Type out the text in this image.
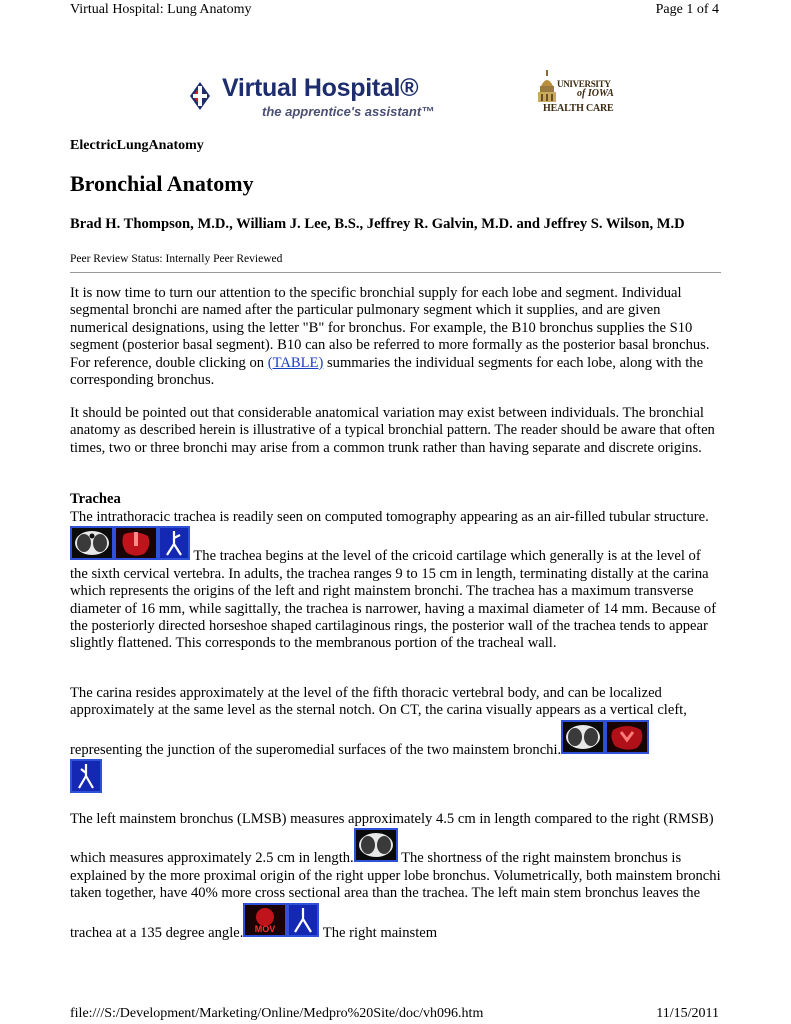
Virtual Hospital: Lung Anatomy	Page 1 of 4
Virtual Hospital®
the apprentice's assistant™
UNIVERSITY
of IOWA
HEALTH CARE
ElectricLungAnatomy
Bronchial Anatomy
Brad H. Thompson, M.D., William J. Lee, B.S., Jeffrey R. Galvin, M.D. and Jeffrey S. Wilson, M.D
Peer Review Status: Internally Peer Reviewed

It is now time to turn our attention to the specific bronchial supply for each lobe and segment. Individual segmental bronchi are named after the particular pulmonary segment which it supplies, and are given numerical designations, using the letter "B" for bronchus. For example, the B10 bronchus supplies the S10 segment (posterior basal segment). B10 can also be referred to more formally as the posterior basal bronchus. For reference, double clicking on (TABLE) summaries the individual segments for each lobe, along with the corresponding bronchus.

It should be pointed out that considerable anatomical variation may exist between individuals. The bronchial anatomy as described herein is illustrative of a typical bronchial pattern. The reader should be aware that often times, two or three bronchi may arise from a common trunk rather than having separate and discrete origins.

Trachea

The intrathoracic trachea is readily seen on computed tomography appearing as an air-filled tubular structure.
The trachea begins at the level of the cricoid cartilage which generally is at the level of the sixth cervical vertebra. In adults, the trachea ranges 9 to 15 cm in length, terminating distally at the carina which represents the origins of the left and right mainstem bronchi. The trachea has a maximum transverse diameter of 16 mm, while sagittally, the trachea is narrower, having a maximal diameter of 14 mm. Because of the posteriorly directed horseshoe shaped cartilaginous rings, the posterior wall of the trachea tends to appear slightly flattened. This corresponds to the membranous portion of the tracheal wall.

The carina resides approximately at the level of the fifth thoracic vertebral body, and can be localized approximately at the same level as the sternal notch. On CT, the carina visually appears as a vertical cleft, representing the junction of the superomedial surfaces of the two mainstem bronchi.

The left mainstem bronchus (LMSB) measures approximately 4.5 cm in length compared to the right (RMSB) which measures approximately 2.5 cm in length.	The shortness of the right mainstem bronchus is explained by the more proximal origin of the right upper lobe bronchus. Volumetrically, both mainstem bronchi taken together, have 40% more cross sectional area than the trachea. The left main stem bronchus leaves the trachea at a 135 degree angle. MOV	The right mainstem

file:///S:/Development/Marketing/Online/Medpro%20Site/doc/vh096.htm	11/15/2011
